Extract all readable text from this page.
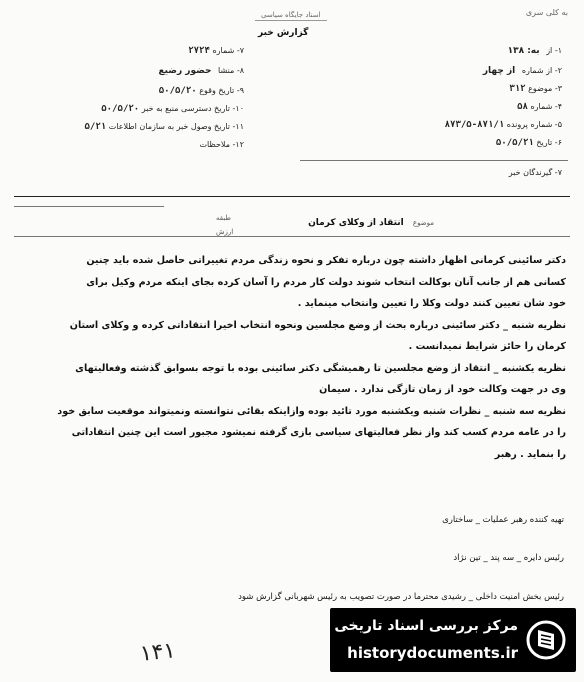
به کلی سری
اسناد جایگاه سیاسی
گزارش خبر
۷- شماره ۲۷۲۴
۸- منشا حضور رضیع
۹- تاریخ وقوع ۵۰/۵/۲۰
۱۰- تاریخ دسترسی منبع به خبر ۵۰/۵/۲۰
۱۱- تاریخ وصول خبر به سازمان اطلاعات ۵/۲۱
۱۲- ملاحظات
۱- از به: ۱۳۸
۲- از شماره از چهار
۳- موضوع ۳۱۲
۴- شماره ۵۸
۵- شماره پرونده ۸۷۱/۱-۸۷۳/۵
۶- تاریخ ۵۰/۵/۲۱
۷- گیرندگان خبر
موضوع انتقاد از وکلای کرمان
طبقه
ارزش
دکتر سائینی کرمانی اظهار داشته چون درباره تفکر و نحوه زندگی مردم تغییراتی حاصل شده باید چنین
کسانی هم از جانب آنان بوکالت انتخاب شوند دولت کار مردم را آسان کرده بجای اینکه مردم وکیل برای
خود شان تعیین کنند دولت وکلا را تعیین وانتخاب مینماید .
نظریه شنبه _ دکتر سائینی درباره بحث از وضع مجلسین ونحوه انتخاب اخیرا انتقاداتی کرده و وکلای استان
کرمان را حائز شرایط نمیدانست .
نظریه یکشنبه _ انتقاد از وضع مجلسین تا رهمیشگی دکتر سائینی بوده با توجه بسوابق گذشته وفعالیتهای
وی در جهت وکالت خود از زمان تازگی ندارد . سیمان
نظریه سه شنبه _ نظرات شنبه ویکشنبه مورد تائید بوده وازاینکه بقائی نتوانسته ونمیتواند موقعیت سابق خود
را در عامه مردم کسب کند واز نظر فعالیتهای سیاسی بازی گرفته نمیشود مجبور است این چنین انتقاداتی
را بنماید . رهبر
تهیه کننده رهبر عملیات _ ساختاری
رئیس دایره _ سه پند _ تین نژاد
رئیس بخش امنیت داخلی _ رشیدی محترما در صورت تصویب به رئیس شهربانی گزارش شود
۱۴۱
مرکز بررسی اسناد تاریخی
historydocuments.ir
